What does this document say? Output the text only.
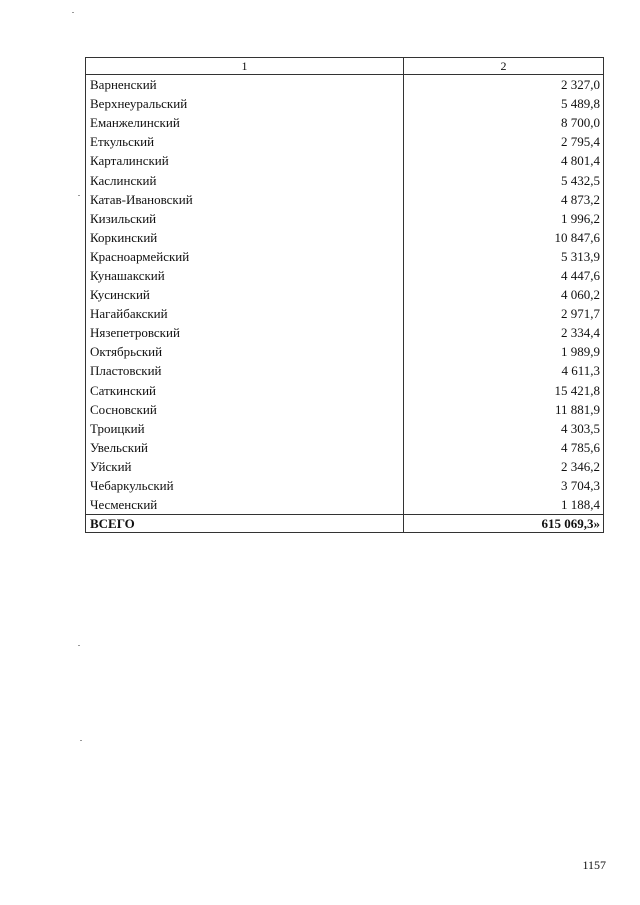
1	2
Варненский	2 327,0
Верхнеуральский	5 489,8
Еманжелинский	8 700,0
Еткульский	2 795,4
Карталинский	4 801,4
Каслинский	5 432,5
Катав-Ивановский	4 873,2
Кизильский	1 996,2
Коркинский	10 847,6
Красноармейский	5 313,9
Кунашакский	4 447,6
Кусинский	4 060,2
Нагайбакский	2 971,7
Нязепетровский	2 334,4
Октябрьский	1 989,9
Пластовский	4 611,3
Саткинский	15 421,8
Сосновский	11 881,9
Троицкий	4 303,5
Увельский	4 785,6
Уйский	2 346,2
Чебаркульский	3 704,3
Чесменский	1 188,4
ВСЕГО	615 069,3»
1157
